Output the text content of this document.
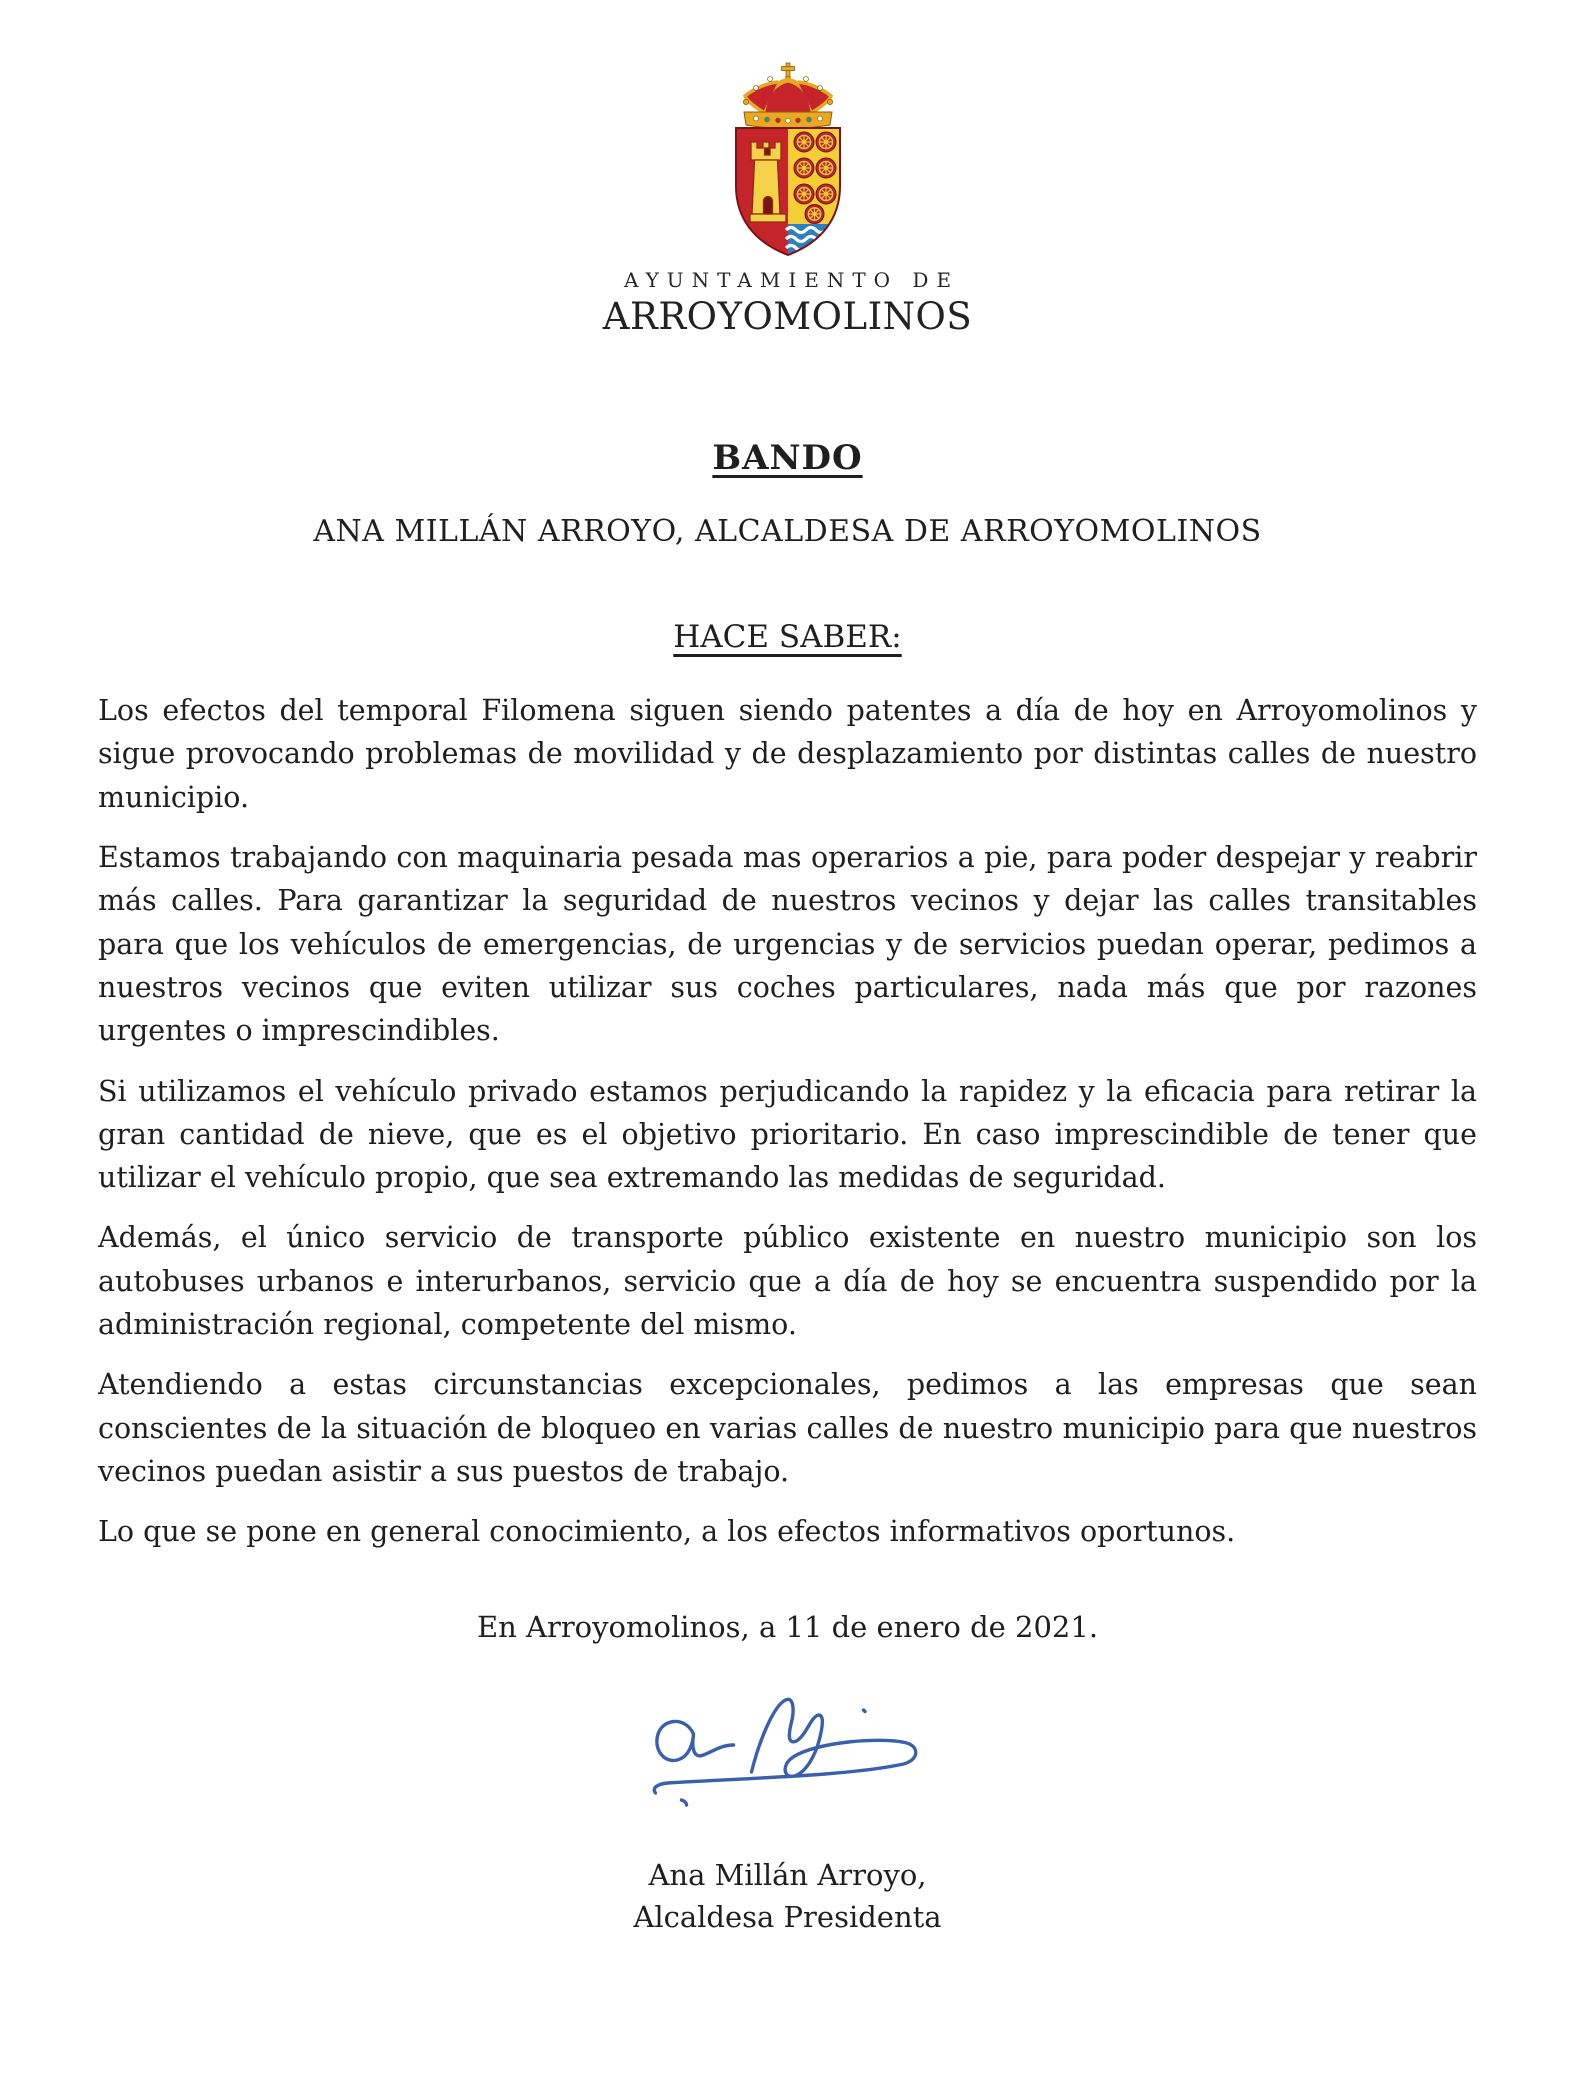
AYUNTAMIENTO DE
ARROYOMOLINOS
BANDO

ANA MILLÁN ARROYO, ALCALDESA DE ARROYOMOLINOS

HACE SABER:

Los efectos del temporal Filomena siguen siendo patentes a día de hoy en Arroyomolinos y sigue provocando problemas de movilidad y de desplazamiento por distintas calles de nuestro municipio.

Estamos trabajando con maquinaria pesada mas operarios a pie, para poder despejar y reabrir más calles. Para garantizar la seguridad de nuestros vecinos y dejar las calles transitables para que los vehículos de emergencias, de urgencias y de servicios puedan operar, pedimos a nuestros vecinos que eviten utilizar sus coches particulares, nada más que por razones urgentes o imprescindibles.

Si utilizamos el vehículo privado estamos perjudicando la rapidez y la eficacia para retirar la gran cantidad de nieve, que es el objetivo prioritario. En caso imprescindible de tener que utilizar el vehículo propio, que sea extremando las medidas de seguridad.

Además, el único servicio de transporte público existente en nuestro municipio son los autobuses urbanos e interurbanos, servicio que a día de hoy se encuentra suspendido por la administración regional, competente del mismo.

Atendiendo a estas circunstancias excepcionales, pedimos a las empresas que sean conscientes de la situación de bloqueo en varias calles de nuestro municipio para que nuestros vecinos puedan asistir a sus puestos de trabajo.

Lo que se pone en general conocimiento, a los efectos informativos oportunos.

En Arroyomolinos, a 11 de enero de 2021.

Ana Millán Arroyo,
Alcaldesa Presidenta
